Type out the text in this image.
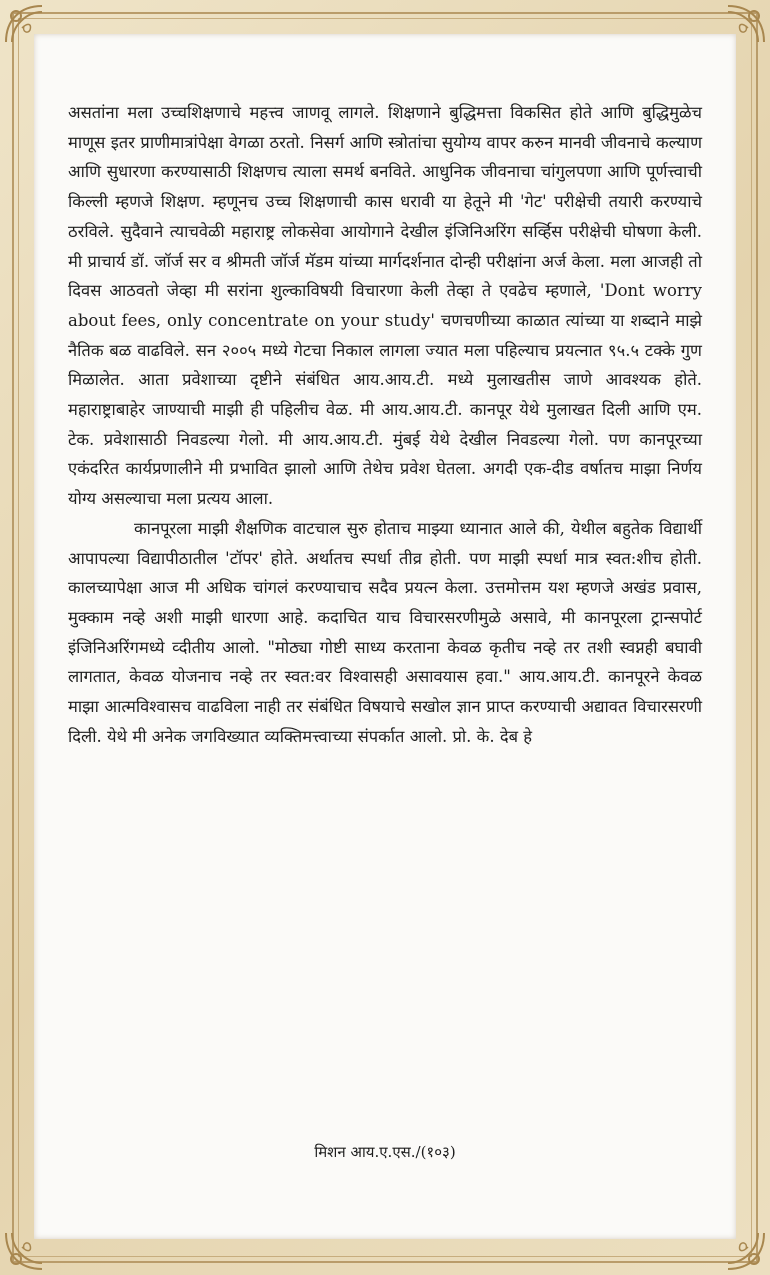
असतांना मला उच्चशिक्षणाचे महत्त्व जाणवू लागले. शिक्षणाने बुद्धिमत्ता विकसित होते आणि बुद्धिमुळेच माणूस इतर प्राणीमात्रांपेक्षा वेगळा ठरतो. निसर्ग आणि स्त्रोतांचा सुयोग्य वापर करुन मानवी जीवनाचे कल्याण आणि सुधारणा करण्यासाठी शिक्षणच त्याला समर्थ बनविते. आधुनिक जीवनाचा चांगुलपणा आणि पूर्णत्त्वाची किल्ली म्हणजे शिक्षण. म्हणूनच उच्च शिक्षणाची कास धरावी या हेतूने मी 'गेट' परीक्षेची तयारी करण्याचे ठरविले. सुदैवाने त्याचवेळी महाराष्ट्र लोकसेवा आयोगाने देखील इंजिनिअरिंग सर्व्हिस परीक्षेची घोषणा केली. मी प्राचार्य डॉ. जॉर्ज सर व श्रीमती जॉर्ज मॅडम यांच्या मार्गदर्शनात दोन्ही परीक्षांना अर्ज केला. मला आजही तो दिवस आठवतो जेव्हा मी सरांना शुल्काविषयी विचारणा केली तेव्हा ते एवढेच म्हणाले, 'Dont worry about fees, only concentrate on your study' चणचणीच्या काळात त्यांच्या या शब्दाने माझे नैतिक बळ वाढविले. सन २००५ मध्ये गेटचा निकाल लागला ज्यात मला पहिल्याच प्रयत्नात ९५.५ टक्के गुण मिळालेत. आता प्रवेशाच्या दृष्टीने संबंधित आय.आय.टी. मध्ये मुलाखतीस जाणे आवश्यक होते. महाराष्ट्राबाहेर जाण्याची माझी ही पहिलीच वेळ. मी आय.आय.टी. कानपूर येथे मुलाखत दिली आणि एम. टेक. प्रवेशासाठी निवडल्या गेलो. मी आय.आय.टी. मुंबई येथे देखील निवडल्या गेलो. पण कानपूरच्या एकंदरित कार्यप्रणालीने मी प्रभावित झालो आणि तेथेच प्रवेश घेतला. अगदी एक-दीड वर्षातच माझा निर्णय योग्य असल्याचा मला प्रत्यय आला.

कानपूरला माझी शैक्षणिक वाटचाल सुरु होताच माझ्या ध्यानात आले की, येथील बहुतेक विद्यार्थी आपापल्या विद्यापीठातील 'टॉपर' होते. अर्थातच स्पर्धा तीव्र होती. पण माझी स्पर्धा मात्र स्वत:शीच होती. कालच्यापेक्षा आज मी अधिक चांगलं करण्याचाच सदैव प्रयत्न केला. उत्तमोत्तम यश म्हणजे अखंड प्रवास, मुक्काम नव्हे अशी माझी धारणा आहे. कदाचित याच विचारसरणीमुळे असावे, मी कानपूरला ट्रान्सपोर्ट इंजिनिअरिंगमध्ये व्दीतीय आलो. "मोठ्या गोष्टी साध्य करताना केवळ कृतीच नव्हे तर तशी स्वप्नही बघावी लागतात, केवळ योजनाच नव्हे तर स्वत:वर विश्वासही असावयास हवा." आय.आय.टी. कानपूरने केवळ माझा आत्मविश्वासच वाढविला नाही तर संबंधित विषयाचे सखोल ज्ञान प्राप्त करण्याची अद्यावत विचारसरणी दिली. येथे मी अनेक जगविख्यात व्यक्तिमत्त्वाच्या संपर्कात आलो. प्रो. के. देब हे

मिशन आय.ए.एस./(१०३)
